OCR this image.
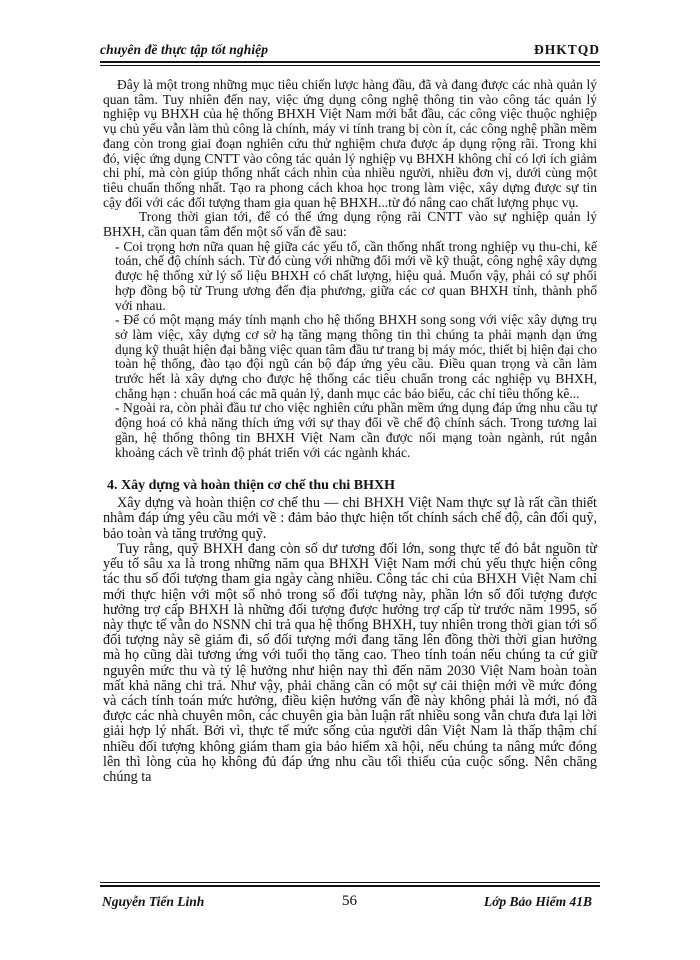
chuyên đề thực tập tốt nghiệp	ĐHKTQD

Đây là một trong những mục tiêu chiến lược hàng đầu, đã và đang được các nhà quản lý quan tâm. Tuy nhiên đến nay, việc ứng dụng công nghệ thông tin vào công tác quản lý nghiệp vụ BHXH của hệ thống BHXH Việt Nam mới bắt đầu, các công việc thuộc nghiệp vụ chủ yếu vẫn làm thủ công là chính, máy vi tính trang bị còn ít, các công nghệ phần mềm đang còn trong giai đoạn nghiên cứu thử nghiệm chưa được áp dụng rộng rãi. Trong khi đó, việc ứng dụng CNTT vào công tác quản lý nghiệp vụ BHXH không chỉ có lợi ích giảm chi phí, mà còn giúp thống nhất cách nhìn của nhiều người, nhiều đơn vị, dưới cùng một tiêu chuẩn thống nhất. Tạo ra phong cách khoa học trong làm việc, xây dựng được sự tin cậy đối với các đối tượng tham gia quan hệ BHXH...từ đó nâng cao chất lượng phục vụ.

Trong thời gian tới, để có thể ứng dụng rộng rãi CNTT vào sự nghiệp quản lý BHXH, cần quan tâm đến một số vấn đề sau:

- Coi trọng hơn nữa quan hệ giữa các yếu tố, cần thống nhất trong nghiệp vụ thu-chi, kế toán, chế độ chính sách. Từ đó cùng với những đổi mới về kỹ thuật, công nghệ xây dựng được hệ thống xử lý số liệu BHXH có chất lượng, hiệu quả. Muốn vậy, phải có sự phối hợp đồng bộ từ Trung ương đến địa phương, giữa các cơ quan BHXH tỉnh, thành phố với nhau.

- Để có một mạng máy tính mạnh cho hệ thống BHXH song song với việc xây dựng trụ sở làm việc, xây dựng cơ sở hạ tầng mạng thông tin thì chúng ta phải mạnh dạn ứng dụng kỹ thuật hiện đại bằng việc quan tâm đầu tư trang bị máy móc, thiết bị hiện đại cho toàn hệ thống, đào tạo đội ngũ cán bộ đáp ứng yêu cầu. Điều quan trọng và cần làm trước hết là xây dựng cho được hệ thống các tiêu chuẩn trong các nghiệp vụ BHXH, chẳng hạn : chuẩn hoá các mã quản lý, danh mục các báo biểu, các chỉ tiêu thống kê...

- Ngoài ra, còn phải đầu tư cho việc nghiên cứu phần mềm ứng dụng đáp ứng nhu cầu tự động hoá có khả năng thích ứng với sự thay đổi về chế độ chính sách. Trong tương lai gần, hệ thống thông tin BHXH Việt Nam cần được nối mạng toàn ngành, rút ngắn khoảng cách về trình độ phát triển với các ngành khác.

4. Xây dựng và hoàn thiện cơ chế thu chi BHXH

Xây dựng và hoàn thiện cơ chế thu — chi BHXH Việt Nam thực sự là rất cần thiết nhằm đáp ứng yêu cầu mới về : đảm bảo thực hiện tốt chính sách chế độ, cân đối quỹ, bảo toàn và tăng trưởng quỹ.

Tuy rằng, quỹ BHXH đang còn số dư tương đối lớn, song thực tế đó bắt nguồn từ yếu tố sâu xa là trong những năm qua BHXH Việt Nam mới chủ yếu thực hiện công tác thu số đối tượng tham gia ngày càng nhiều. Công tác chi của BHXH Việt Nam chỉ mới thực hiện với một số nhỏ trong số đối tượng này, phần lớn số đối tượng được hưởng trợ cấp BHXH là những đối tượng được hưởng trợ cấp từ trước năm 1995, số này thực tế vẫn do NSNN chi trả qua hệ thống BHXH, tuy nhiên trong thời gian tới số đối tượng này sẽ giảm đi, số đối tượng mới đang tăng lên đồng thời thời gian hưởng mà họ cũng dài tương ứng với tuổi thọ tăng cao. Theo tính toán nếu chúng ta cứ giữ nguyên mức thu và tỷ lệ hưởng như hiện nay thì đến năm 2030 Việt Nam hoàn toàn mất khả năng chi trả. Như vậy, phải chăng cần có một sự cải thiện mới về mức đóng và cách tính toán mức hưởng, điều kiện hưởng vấn đề này không phải là mới, nó đã được các nhà chuyên môn, các chuyên gia bàn luận rất nhiều song vẫn chưa đưa lại lời giải hợp lý nhất. Bởi vì, thực tế mức sống của người dân Việt Nam là thấp thậm chí nhiều đối tượng không giám tham gia bảo hiểm xã hội, nếu chúng ta nâng mức đóng lên thì lòng của họ không đủ đáp ứng nhu cầu tối thiểu của cuộc sống. Nên chăng chúng ta

Nguyễn Tiến Linh	56	Lớp Bảo Hiểm 41B
